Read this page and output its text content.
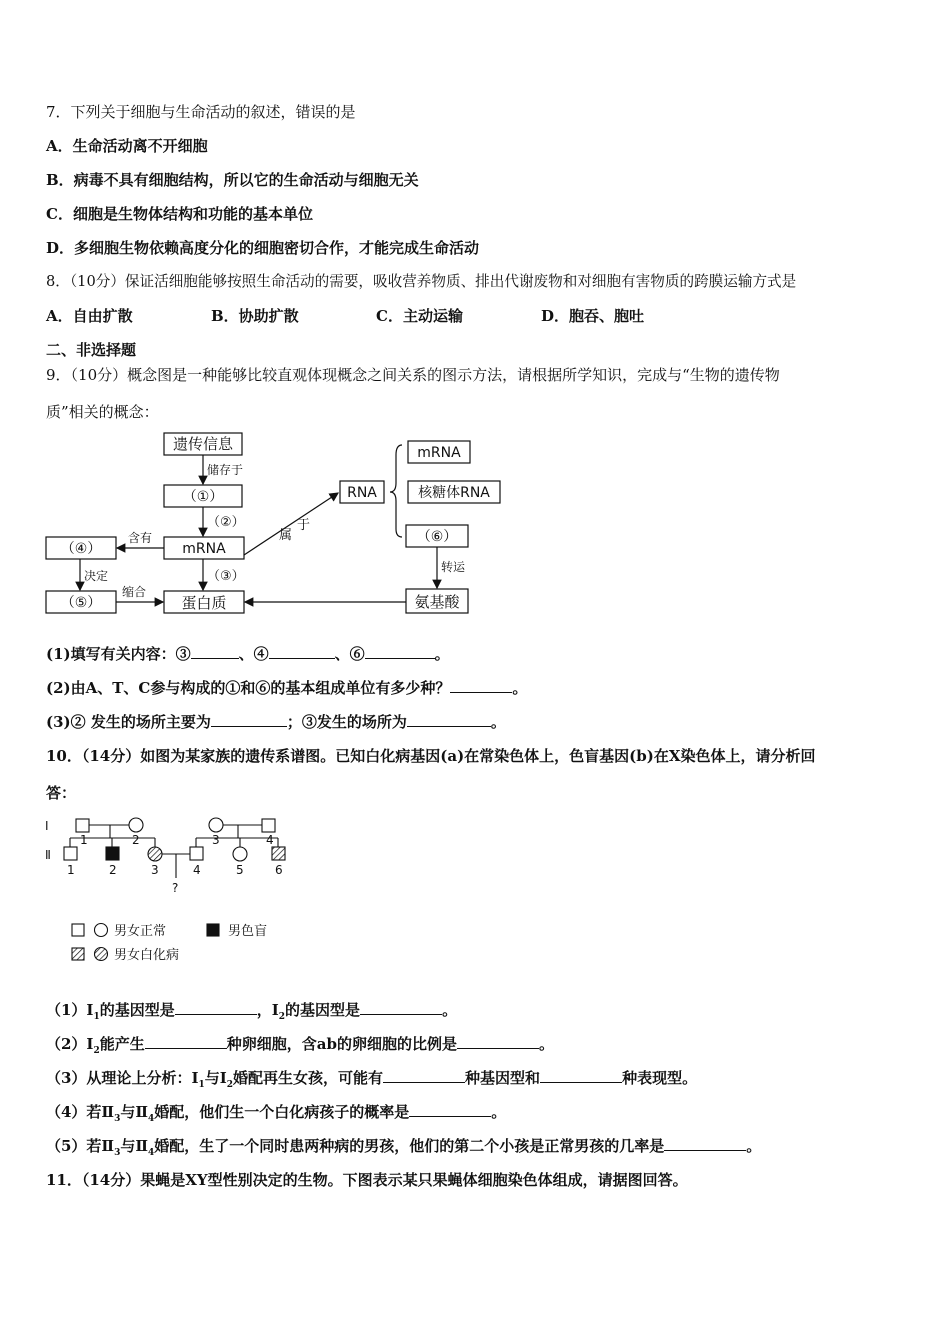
7．下列关于细胞与生命活动的叙述，错误的是
A．生命活动离不开细胞
B．病毒不具有细胞结构，所以它的生命活动与细胞无关
C．细胞是生物体结构和功能的基本单位
D．多细胞生物依赖高度分化的细胞密切合作，才能完成生命活动
8．（10分）保证活细胞能够按照生命活动的需要，吸收营养物质、排出代谢废物和对细胞有害物质的跨膜运输方式是
A．自由扩散	B．协助扩散	C．主动运输	D．胞吞、胞吐
二、非选择题
9．（10分）概念图是一种能够比较直观体现概念之间关系的图示方法，请根据所学知识，完成与“生物的遗传物
质”相关的概念：
遗传信息
储存于
（①）
（②）
mRNA
（③）
蛋白质
（④）
含有
决定
（⑤）
缩合
属
于
RNA
mRNA
核糖体RNA
（⑥）
转运
氨基酸
(1)填写有关内容：③	、④	、⑥	。
(2)由A、T、C参与构成的①和⑥的基本组成单位有多少种？	。
(3)② 发生的场所主要为	；③发生的场所为	。
10．（14分）如图为某家族的遗传系谱图。已知白化病基因(a)在常染色体上，色盲基因(b)在X染色体上，请分析回
答：
Ⅰ
Ⅱ
1	2	3	4
1	2	3	4	5	6
?
男女正常	男色盲
男女白化病
$(1)Ⅰ_1$的基因型是	，$Ⅰ_2$的基因型是	。
$(2)Ⅰ_2$能产生	种卵细胞，含ab的卵细胞的比例是	。
（3）从理论上分析：$Ⅰ_1$与$Ⅰ_2$婚配再生女孩，可能有	种基因型和	种表现型。
（4）若$Ⅱ_3$与$Ⅱ_4$婚配，他们生一个白化病孩子的概率是	。
（5）若$Ⅱ_3$与$Ⅱ_4$婚配，生了一个同时患两种病的男孩，他们的第二个小孩是正常男孩的几率是	。
11．（14分）果蝇是XY型性别决定的生物。下图表示某只果蝇体细胞染色体组成，请据图回答。
